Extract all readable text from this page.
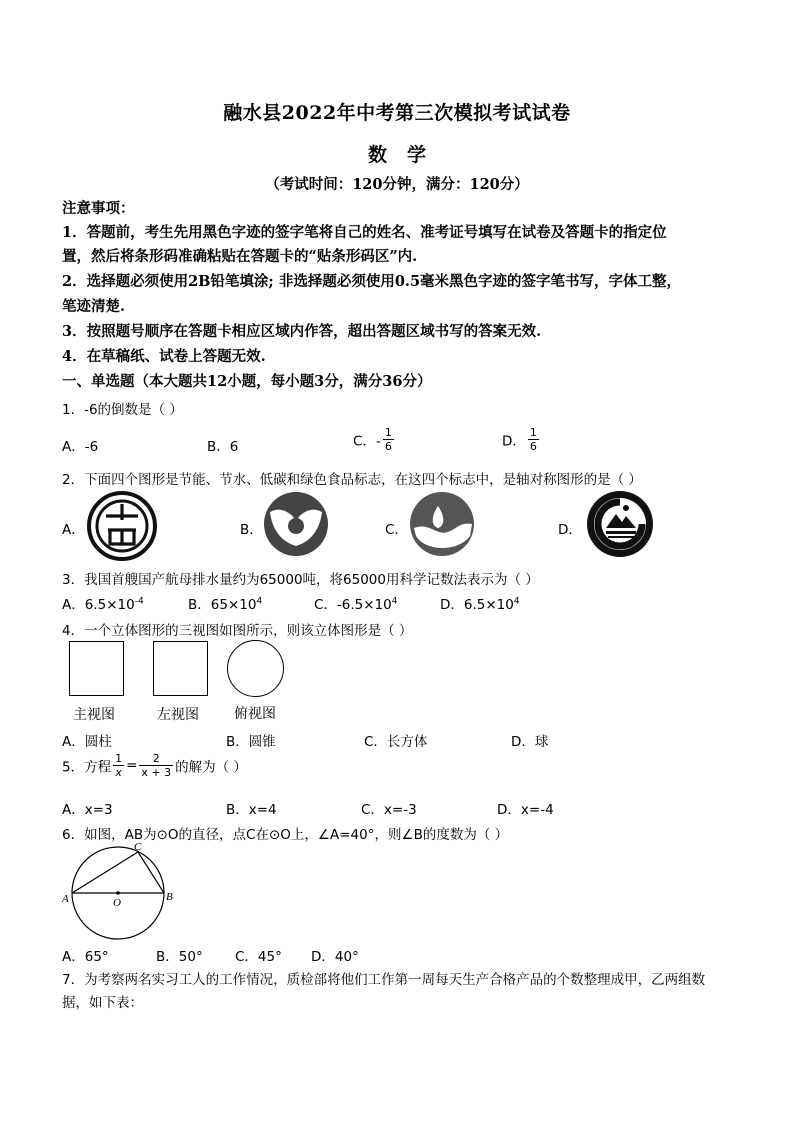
融水县2022年中考第三次模拟考试试卷
数学
（考试时间：120分钟，满分：120分）
注意事项：
1．答题前，考生先用黑色字迹的签字笔将自己的姓名、准考证号填写在试卷及答题卡的指定位
置，然后将条形码准确粘贴在答题卡的“贴条形码区”内.
2．选择题必须使用2B铅笔填涂; 非选择题必须使用0.5毫米黑色字迹的签字笔书写，字体工整，
笔迹清楚.
3．按照题号顺序在答题卡相应区域内作答，超出答题区域书写的答案无效.
4．在草稿纸、试卷上答题无效.
一、单选题（本大题共12小题，每小题3分，满分36分）
1．-6的倒数是（ ）
A．-6	B．6	C．- $\frac{1}{6}$	D． $\frac{1}{6}$
2．下面四个图形是节能、节水、低碳和绿色食品标志，在这四个标志中，是轴对称图形的是（ ）
A．	B．	C．	D．
3．我国首艘国产航母排水量约为65000吨，将65000用科学记数法表示为（ ）
A．$6.5\times 10^{-4}$	B．$65\times 10^4$	C．$-6.5\times 10^4$	D．$6.5\times 10^4$
4．一个立体图形的三视图如图所示，则该立体图形是（ ）
主视图	左视图	俯视图
A．圆柱	B．圆锥	C．长方体	D．球
5．方程 $\frac{1}{x} = \frac{2}{x + 3}$ 的解为（ ）
A．x=3	B．x=4	C．x=-3	D．x=-4
6．如图，AB为⊙O的直径，点C在⊙O上，∠A=40°，则∠B的度数为（ ）
A	B
C
O
A．65°	B．50° C．45° D．40°
7．为考察两名实习工人的工作情况，质检部将他们工作第一周每天生产合格产品的个数整理成甲，乙两组数
据，如下表：
